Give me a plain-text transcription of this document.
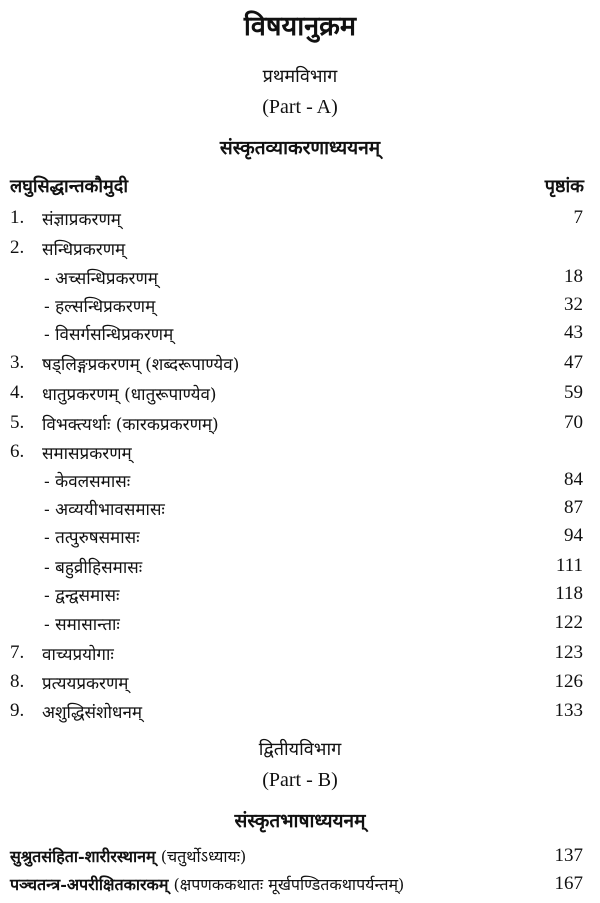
विषयानुक्रम
प्रथमविभाग
(Part - A)
संस्कृतव्याकरणाध्ययनम्
लघुसिद्धान्तकौमुदी	पृष्ठांक
1.	संज्ञाप्रकरणम्	7
2.	सन्धिप्रकरणम्
- अच्सन्धिप्रकरणम्	18
- हल्सन्धिप्रकरणम्	32
- विसर्गसन्धिप्रकरणम्	43
3.	षड्लिङ्गप्रकरणम् (शब्दरूपाण्येव)	47
4.	धातुप्रकरणम् (धातुरूपाण्येव)	59
5.	विभक्त्यर्थाः (कारकप्रकरणम्)	70
6.	समासप्रकरणम्
- केवलसमासः	84
- अव्ययीभावसमासः	87
- तत्पुरुषसमासः	94
- बहुव्रीहिसमासः	111
- द्वन्द्वसमासः	118
- समासान्ताः	122
7.	वाच्यप्रयोगाः	123
8.	प्रत्ययप्रकरणम्	126
9.	अशुद्धिसंशोधनम्	133
द्वितीयविभाग
(Part - B)
संस्कृतभाषाध्ययनम्
सुश्रुतसंहिता-शारीरस्थानम् (चतुर्थोऽध्यायः)	137
पञ्चतन्त्र-अपरीक्षितकारकम् (क्षपणककथातः मूर्खपण्डितकथापर्यन्तम्)	167
